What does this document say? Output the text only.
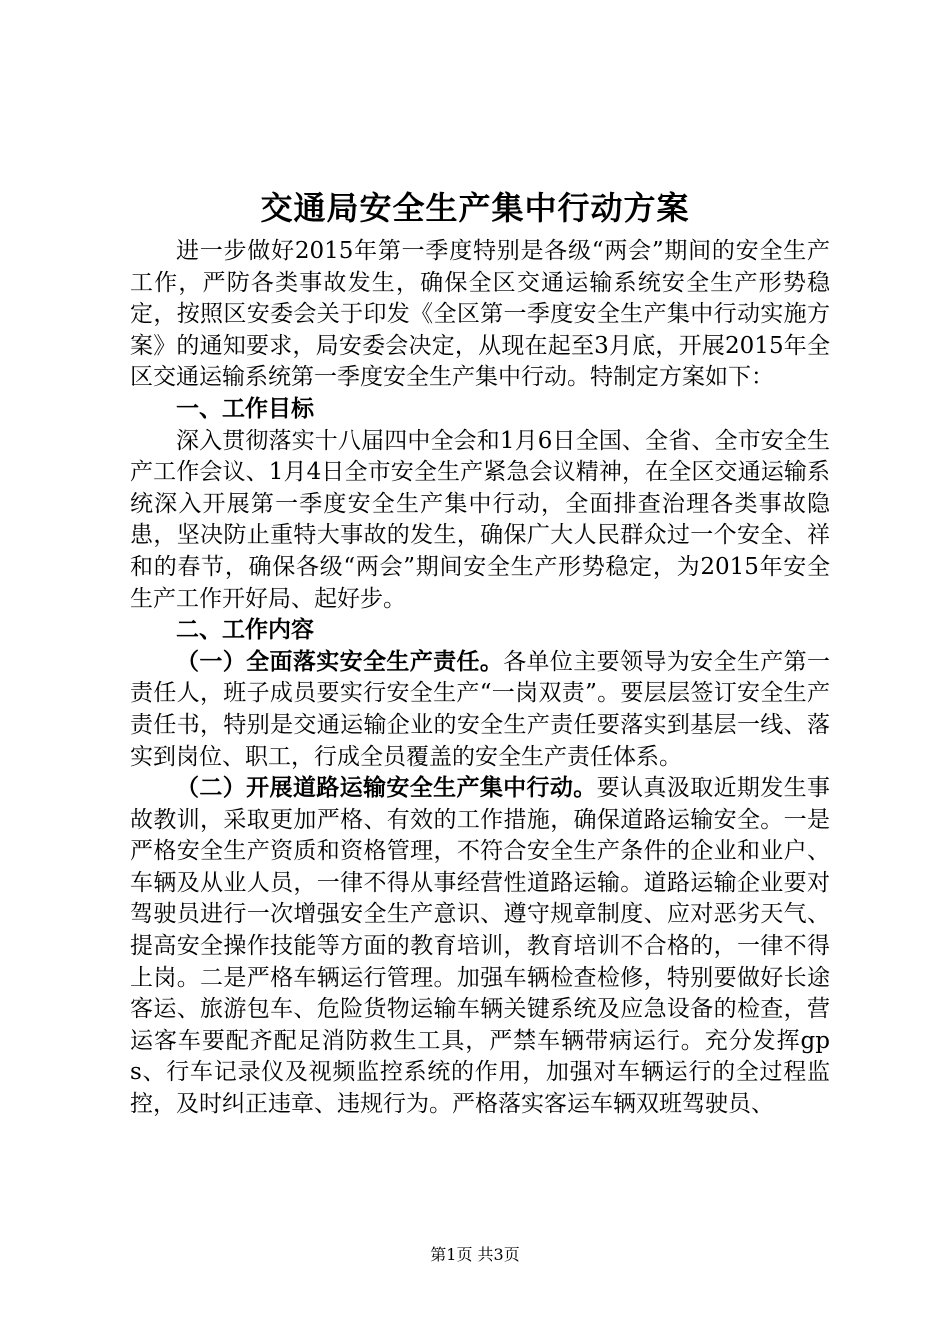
交通局安全生产集中行动方案

进一步做好2015年第一季度特别是各级“两会”期间的安全生产工作，严防各类事故发生，确保全区交通运输系统安全生产形势稳定，按照区安委会关于印发《全区第一季度安全生产集中行动实施方案》的通知要求，局安委会决定，从现在起至3月底，开展2015年全区交通运输系统第一季度安全生产集中行动。特制定方案如下：

一、工作目标

深入贯彻落实十八届四中全会和1月6日全国、全省、全市安全生产工作会议、1月4日全市安全生产紧急会议精神，在全区交通运输系统深入开展第一季度安全生产集中行动，全面排查治理各类事故隐患，坚决防止重特大事故的发生，确保广大人民群众过一个安全、祥和的春节，确保各级“两会”期间安全生产形势稳定，为2015年安全生产工作开好局、起好步。

二、工作内容

（一）全面落实安全生产责任。各单位主要领导为安全生产第一责任人，班子成员要实行安全生产“一岗双责”。要层层签订安全生产责任书，特别是交通运输企业的安全生产责任要落实到基层一线、落实到岗位、职工，行成全员覆盖的安全生产责任体系。

（二）开展道路运输安全生产集中行动。要认真汲取近期发生事故教训，采取更加严格、有效的工作措施，确保道路运输安全。一是严格安全生产资质和资格管理，不符合安全生产条件的企业和业户、车辆及从业人员，一律不得从事经营性道路运输。道路运输企业要对驾驶员进行一次增强安全生产意识、遵守规章制度、应对恶劣天气、提高安全操作技能等方面的教育培训，教育培训不合格的，一律不得上岗。二是严格车辆运行管理。加强车辆检查检修，特别要做好长途客运、旅游包车、危险货物运输车辆关键系统及应急设备的检查，营运客车要配齐配足消防救生工具，严禁车辆带病运行。充分发挥gps、行车记录仪及视频监控系统的作用，加强对车辆运行的全过程监控，及时纠正违章、违规行为。严格落实客运车辆双班驾驶员、

第1页 共3页
